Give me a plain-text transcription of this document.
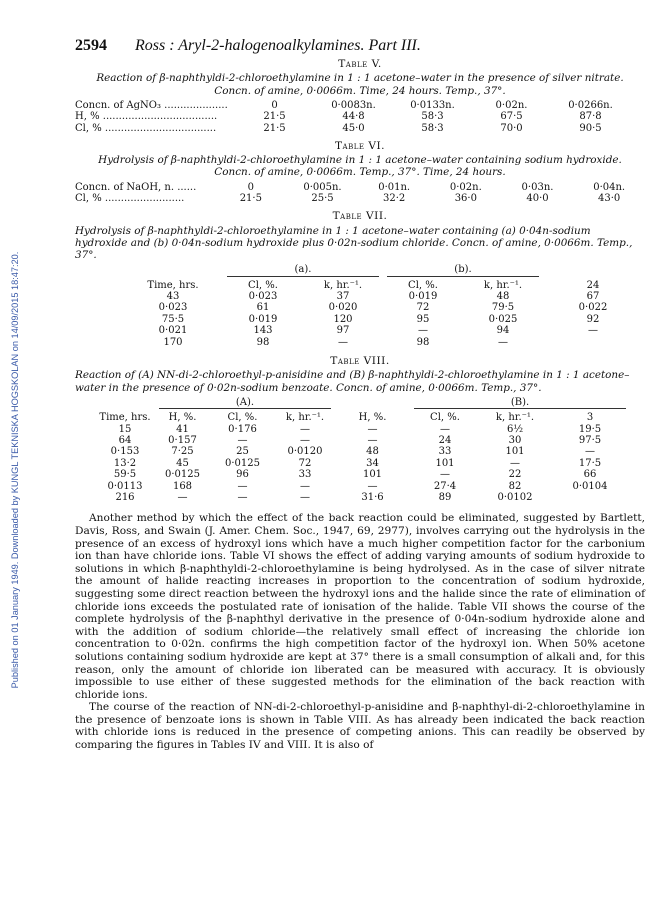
Published on 01 January 1949. Downloaded by KUNGL TEKNISKA HOGSKOLAN on 14/09/2015 18:47:20.
2594 Ross : Aryl-2-halogenoalkylamines. Part III.
Table V.
Reaction of β-naphthyldi-2-chloroethylamine in 1 : 1 acetone–water in the presence of silver nitrate. Concn. of amine, 0·0066m. Time, 24 hours. Temp., 37°.
Concn. of AgNO₃ ....................	0	0·0083n.	0·0133n.	0·02n.	0·0266n.
H, % ....................................	21·5	44·8	58·3	67·5	87·8
Cl, % ...................................	21·5	45·0	58·3	70·0	90·5
Table VI.
Hydrolysis of β-naphthyldi-2-chloroethylamine in 1 : 1 acetone–water containing sodium hydroxide. Concn. of amine, 0·0066m. Temp., 37°. Time, 24 hours.
Concn. of NaOH, n. ......	0	0·005n.	0·01n.	0·02n.	0·03n.	0·04n.
Cl, % .........................	21·5	25·5	32·2	36·0	40·0	43·0
Table VII.
Hydrolysis of β-naphthyldi-2-chloroethylamine in 1 : 1 acetone–water containing (a) 0·04n-sodium hydroxide and (b) 0·04n-sodium hydroxide plus 0·02n-sodium chloride. Concn. of amine, 0·0066m. Temp., 37°.
(a).	(b).
Time, hrs.	Cl, %.	k, hr.⁻¹.	Cl, %.	k, hr.⁻¹.	24
43	0·023	37	0·019	48	67
0·023	61	0·020	72	79·5	0·022
75·5	0·019	120	95	0·025	92
0·021	143	97	—	94	—
170	98	—	98	—
Table VIII.
Reaction of (A) NN-di-2-chloroethyl-p-anisidine and (B) β-naphthyldi-2-chloroethylamine in 1 : 1 acetone–water in the presence of 0·02n-sodium benzoate. Concn. of amine, 0·0066m. Temp., 37°.
(A).	(B).
Time, hrs.	H, %.	Cl, %.	k, hr.⁻¹.	H, %.	Cl, %.	k, hr.⁻¹.	3
15	41	0·176	—	—	—	6½	19·5
64	0·157	—	—	—	24	30	97·5
0·153	7·25	25	0·0120	48	33	101	—
13·2	45	0·0125	72	34	101	—	17·5
59·5	0·0125	96	33	101	—	22	66
0·0113	168	—	—	—	27·4	82	0·0104
216	—	—	—	31·6	89	0·0102

Another method by which the effect of the back reaction could be eliminated, suggested by Bartlett, Davis, Ross, and Swain (J. Amer. Chem. Soc., 1947, 69, 2977), involves carrying out the hydrolysis in the presence of an excess of hydroxyl ions which have a much higher competition factor for the carbonium ion than have chloride ions. Table VI shows the effect of adding varying amounts of sodium hydroxide to solutions in which β-naphthyldi-2-chloroethylamine is being hydrolysed. As in the case of silver nitrate the amount of halide reacting increases in proportion to the concentration of sodium hydroxide, suggesting some direct reaction between the hydroxyl ions and the halide since the rate of elimination of chloride ions exceeds the postulated rate of ionisation of the halide. Table VII shows the course of the complete hydrolysis of the β-naphthyl derivative in the presence of 0·04n-sodium hydroxide alone and with the addition of sodium chloride—the relatively small effect of increasing the chloride ion concentration to 0·02n. confirms the high competition factor of the hydroxyl ion. When 50% acetone solutions containing sodium hydroxide are kept at 37° there is a small consumption of alkali and, for this reason, only the amount of chloride ion liberated can be measured with accuracy. It is obviously impossible to use either of these suggested methods for the elimination of the back reaction with chloride ions.

The course of the reaction of NN-di-2-chloroethyl-p-anisidine and β-naphthyl-di-2-chloroethylamine in the presence of benzoate ions is shown in Table VIII. As has already been indicated the back reaction with chloride ions is reduced in the presence of competing anions. This can readily be observed by comparing the figures in Tables IV and VIII. It is also of
